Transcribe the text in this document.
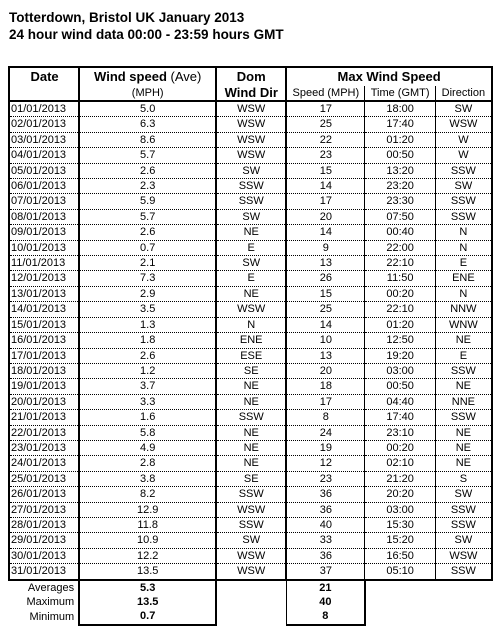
Totterdown, Bristol UK January 2013
24 hour wind data 00:00 - 23:59 hours GMT
Date	Wind speed (Ave)	Dom	Max Wind Speed		
	(MPH)	Wind Dir	Speed (MPH)	Time (GMT)	Direction
01/01/2013	5.0	WSW	17	18:00	SW
02/01/2013	6.3	WSW	25	17:40	WSW
03/01/2013	8.6	WSW	22	01:20	W
04/01/2013	5.7	WSW	23	00:50	W
05/01/2013	2.6	SW	15	13:20	SSW
06/01/2013	2.3	SSW	14	23:20	SW
07/01/2013	5.9	SSW	17	23:30	SSW
08/01/2013	5.7	SW	20	07:50	SSW
09/01/2013	2.6	NE	14	00:40	N
10/01/2013	0.7	E	9	22:00	N
11/01/2013	2.1	SW	13	22:10	E
12/01/2013	7.3	E	26	11:50	ENE
13/01/2013	2.9	NE	15	00:20	N
14/01/2013	3.5	WSW	25	22:10	NNW
15/01/2013	1.3	N	14	01:20	WNW
16/01/2013	1.8	ENE	10	12:50	NE
17/01/2013	2.6	ESE	13	19:20	E
18/01/2013	1.2	SE	20	03:00	SSW
19/01/2013	3.7	NE	18	00:50	NE
20/01/2013	3.3	NE	17	04:40	NNE
21/01/2013	1.6	SSW	8	17:40	SSW
22/01/2013	5.8	NE	24	23:10	NE
23/01/2013	4.9	NE	19	00:20	NE
24/01/2013	2.8	NE	12	02:10	NE
25/01/2013	3.8	SE	23	21:20	S
26/01/2013	8.2	SSW	36	20:20	SW
27/01/2013	12.9	WSW	36	03:00	SSW
28/01/2013	11.8	SSW	40	15:30	SSW
29/01/2013	10.9	SW	33	15:20	SW
30/01/2013	12.2	WSW	36	16:50	WSW
31/01/2013	13.5	WSW	37	05:10	SSW
Averages	5.3		21		
Maximum	13.5		40		
Minimum	0.7		8		
